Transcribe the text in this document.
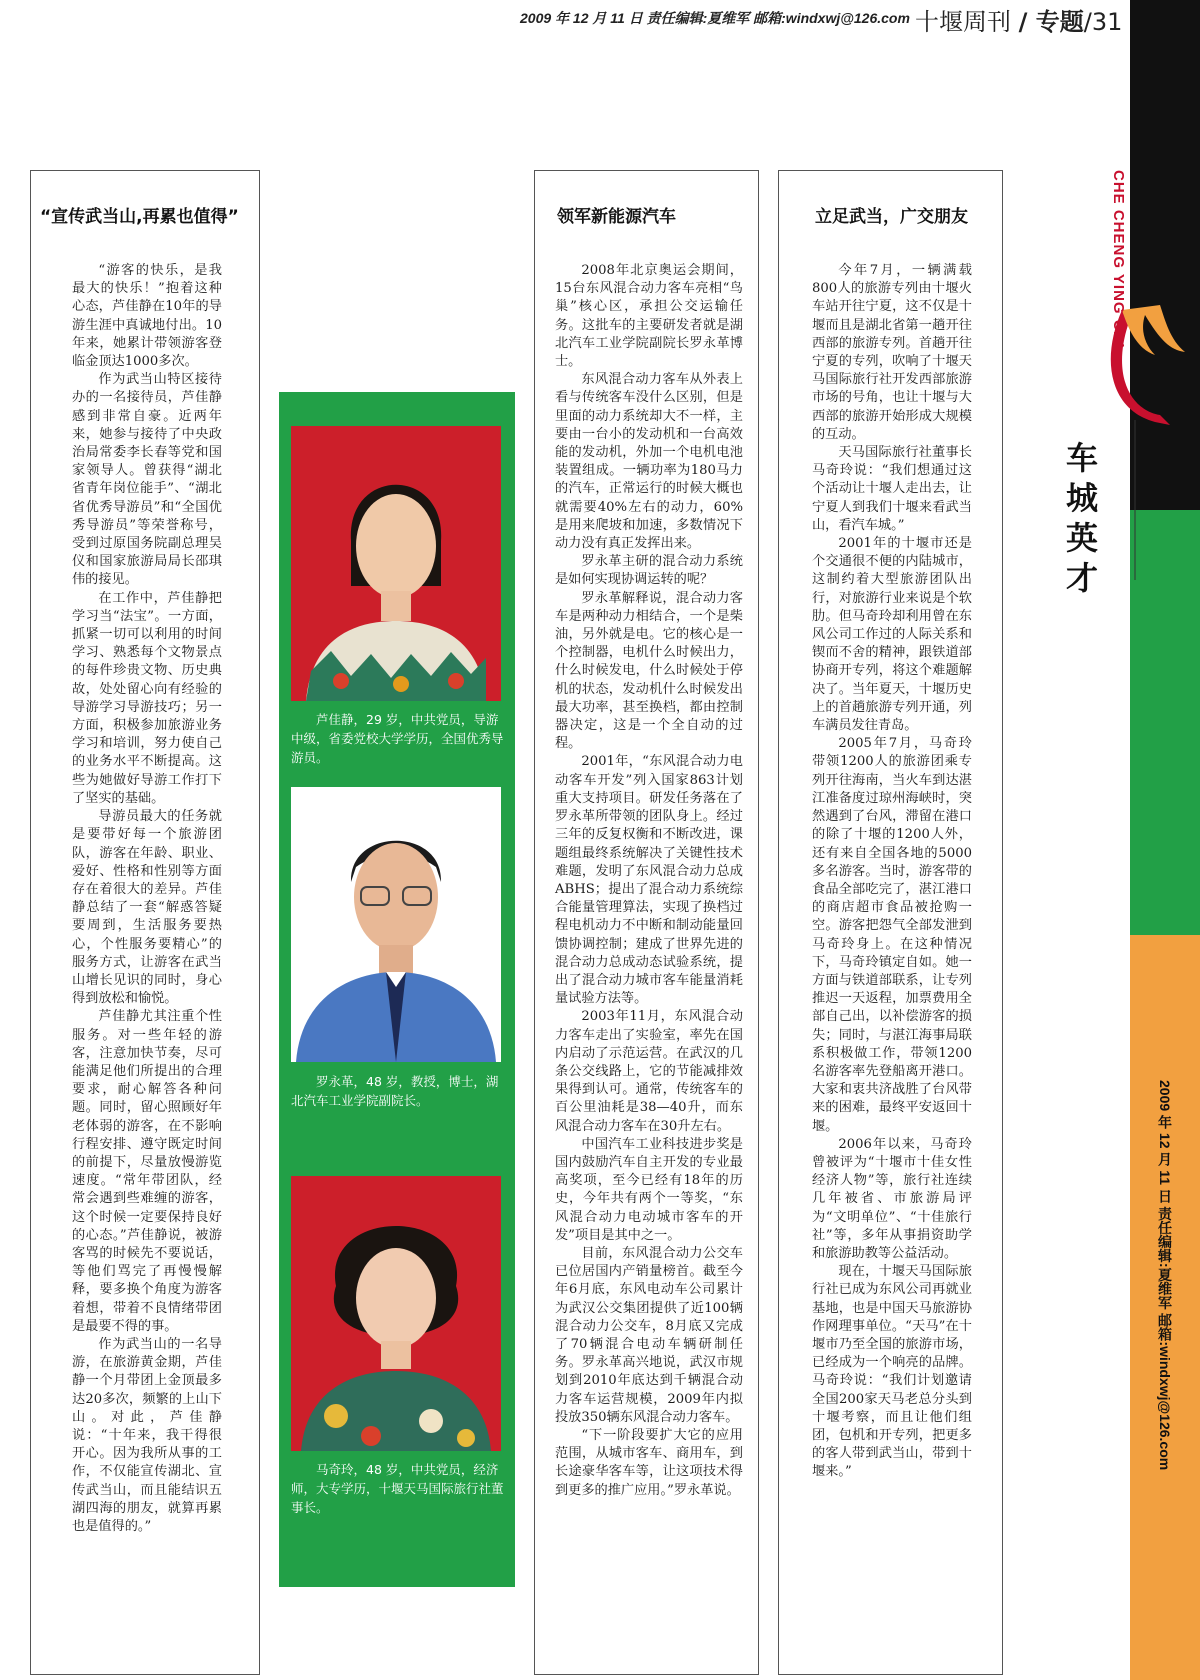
2009 年 12 月 11 日 责任编辑:夏维军 邮箱:windxwj@126.com 十堰周刊 / 专题/31
CHE CHENG YING CAI
车
城
英
才
2009 年 12 月 11 日 责任编辑:夏维军 邮箱:windxwj@126.com
“宣传武当山,再累也值得”

“游客的快乐，是我最大的快乐！”抱着这种心态，芦佳静在10年的导游生涯中真诚地付出。10年来，她累计带领游客登临金顶达1000多次。

作为武当山特区接待办的一名接待员，芦佳静感到非常自豪。近两年来，她参与接待了中央政治局常委李长春等党和国家领导人。曾获得“湖北省青年岗位能手”、“湖北省优秀导游员”和“全国优秀导游员”等荣誉称号，受到过原国务院副总理吴仪和国家旅游局局长邵琪伟的接见。

在工作中，芦佳静把学习当“法宝”。一方面，抓紧一切可以利用的时间学习、熟悉每个文物景点的每件珍贵文物、历史典故，处处留心向有经验的导游学习导游技巧；另一方面，积极参加旅游业务学习和培训，努力使自己的业务水平不断提高。这些为她做好导游工作打下了坚实的基础。

导游员最大的任务就是要带好每一个旅游团队，游客在年龄、职业、爱好、性格和性别等方面存在着很大的差异。芦佳静总结了一套“解惑答疑要周到，生活服务要热心，个性服务要精心”的服务方式，让游客在武当山增长见识的同时，身心得到放松和愉悦。

芦佳静尤其注重个性服务。对一些年轻的游客，注意加快节奏，尽可能满足他们所提出的合理要求，耐心解答各种问题。同时，留心照顾好年老体弱的游客，在不影响行程安排、遵守既定时间的前提下，尽量放慢游览速度。“常年带团队，经常会遇到些难缠的游客，这个时候一定要保持良好的心态。”芦佳静说，被游客骂的时候先不要说话，等他们骂完了再慢慢解释，要多换个角度为游客着想，带着不良情绪带团是最要不得的事。

作为武当山的一名导游，在旅游黄金期，芦佳静一个月带团上金顶最多达20多次，频繁的上山下山。对此，芦佳静说：“十年来，我干得很开心。因为我所从事的工作，不仅能宣传湖北、宣传武当山，而且能结识五湖四海的朋友，就算再累也是值得的。”

芦佳静，29 岁，中共党员，导游中级，省委党校大学学历，全国优秀导游员。
罗永革，48 岁，教授，博士，湖北汽车工业学院副院长。
马奇玲，48 岁，中共党员，经济师，大专学历，十堰天马国际旅行社董事长。
领军新能源汽车

2008年北京奥运会期间，15台东风混合动力客车亮相“鸟巢”核心区，承担公交运输任务。这批车的主要研发者就是湖北汽车工业学院副院长罗永革博士。

东风混合动力客车从外表上看与传统客车没什么区别，但是里面的动力系统却大不一样，主要由一台小的发动机和一台高效能的发动机，外加一个电机电池装置组成。一辆功率为180马力的汽车，正常运行的时候大概也就需要40%左右的动力，60%是用来爬坡和加速，多数情况下动力没有真正发挥出来。

罗永革主研的混合动力系统是如何实现协调运转的呢？

罗永革解释说，混合动力客车是两种动力相结合，一个是柴油，另外就是电。它的核心是一个控制器，电机什么时候出力，什么时候发电，什么时候处于停机的状态，发动机什么时候发出最大功率，甚至换档，都由控制器决定，这是一个全自动的过程。

2001年，“东风混合动力电动客车开发”列入国家863计划重大支持项目。研发任务落在了罗永革所带领的团队身上。经过三年的反复权衡和不断改进，课题组最终系统解决了关键性技术难题，发明了东风混合动力总成ABHS；提出了混合动力系统综合能量管理算法，实现了换档过程电机动力不中断和制动能量回馈协调控制；建成了世界先进的混合动力总成动态试验系统，提出了混合动力城市客车能量消耗量试验方法等。

2003年11月，东风混合动力客车走出了实验室，率先在国内启动了示范运营。在武汉的几条公交线路上，它的节能减排效果得到认可。通常，传统客车的百公里油耗是38—40升，而东风混合动力客车在30升左右。

中国汽车工业科技进步奖是国内鼓励汽车自主开发的专业最高奖项，至今已经有18年的历史，今年共有两个一等奖，“东风混合动力电动城市客车的开发”项目是其中之一。

目前，东风混合动力公交车已位居国内产销量榜首。截至今年6月底，东风电动车公司累计为武汉公交集团提供了近100辆混合动力公交车，8月底又完成了70辆混合电动车辆研制任务。罗永革高兴地说，武汉市规划到2010年底达到千辆混合动力客车运营规模，2009年内拟投放350辆东风混合动力客车。

“下一阶段要扩大它的应用范围，从城市客车、商用车，到长途豪华客车等，让这项技术得到更多的推广应用。”罗永革说。

立足武当，广交朋友

今年7月，一辆满载800人的旅游专列由十堰火车站开往宁夏，这不仅是十堰而且是湖北省第一趟开往西部的旅游专列。首趟开往宁夏的专列，吹响了十堰天马国际旅行社开发西部旅游市场的号角，也让十堰与大西部的旅游开始形成大规模的互动。

天马国际旅行社董事长马奇玲说：“我们想通过这个活动让十堰人走出去，让宁夏人到我们十堰来看武当山，看汽车城。”

2001年的十堰市还是个交通很不便的内陆城市，这制约着大型旅游团队出行，对旅游行业来说是个软肋。但马奇玲却利用曾在东风公司工作过的人际关系和锲而不舍的精神，跟铁道部协商开专列，将这个难题解决了。当年夏天，十堰历史上的首趟旅游专列开通，列车满员发往青岛。

2005年7月，马奇玲带领1200人的旅游团乘专列开往海南，当火车到达湛江准备度过琼州海峡时，突然遇到了台风，滞留在港口的除了十堰的1200人外，还有来自全国各地的5000多名游客。当时，游客带的食品全部吃完了，湛江港口的商店超市食品被抢购一空。游客把怨气全部发泄到马奇玲身上。在这种情况下，马奇玲镇定自如。她一方面与铁道部联系，让专列推迟一天返程，加票费用全部自己出，以补偿游客的损失；同时，与湛江海事局联系积极做工作，带领1200名游客率先登船离开港口。大家和衷共济战胜了台风带来的困难，最终平安返回十堰。

2006年以来，马奇玲曾被评为“十堰市十佳女性经济人物”等，旅行社连续几年被省、市旅游局评为“文明单位”、“十佳旅行社”等，多年从事捐资助学和旅游助教等公益活动。

现在，十堰天马国际旅行社已成为东风公司再就业基地，也是中国天马旅游协作网理事单位。“天马”在十堰市乃至全国的旅游市场，已经成为一个响亮的品牌。马奇玲说：“我们计划邀请全国200家天马老总分头到十堰考察，而且让他们组团，包机和开专列，把更多的客人带到武当山，带到十堰来。”
